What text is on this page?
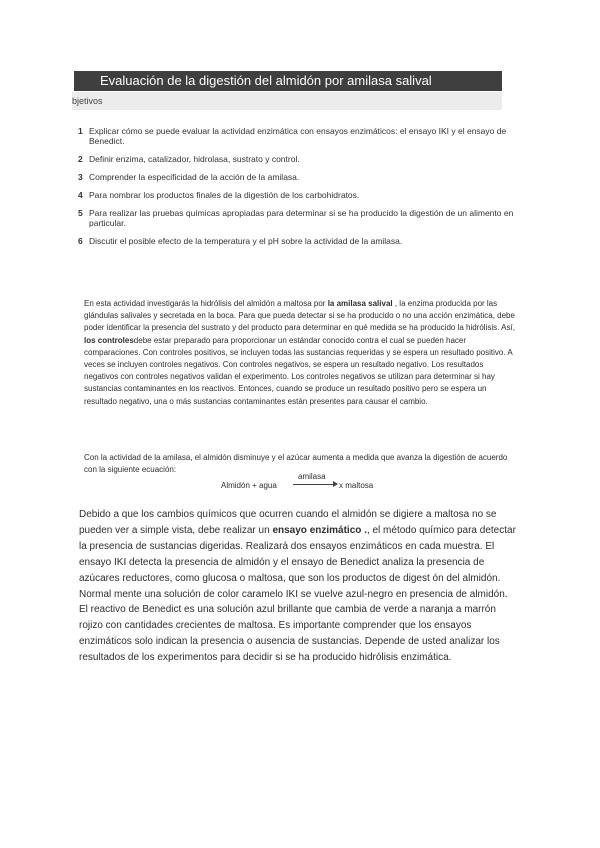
Evaluación de la digestión del almidón por amilasa salival
bjetivos
1 Explicar cómo se puede evaluar la actividad enzimática con ensayos enzimáticos: el ensayo IKI y el ensayo de Benedict.
2 Definir enzima, catalizador, hidrolasa, sustrato y control.
3 Comprender la especificidad de la acción de la amilasa.
4 Para nombrar los productos finales de la digestión de los carbohidratos.
5 Para realizar las pruebas químicas apropiadas para determinar si se ha producido la digestión de un alimento en particular.
6 Discutir el posible efecto de la temperatura y el pH sobre la actividad de la amilasa.

En esta actividad investigarás la hidrólisis del almidón a maltosa por la amilasa salival , la enzima producida por las glándulas salivales y secretada en la boca. Para que pueda detectar si se ha producido o no una acción enzimática, debe poder identificar la presencia del sustrato y del producto para determinar en qué medida se ha producido la hidrólisis. Así, los controlesdebe estar preparado para proporcionar un estándar conocido contra el cual se pueden hacer comparaciones. Con controles positivos, se incluyen todas las sustancias requeridas y se espera un resultado positivo. A veces se incluyen controles negativos. Con controles negativos, se espera un resultado negativo. Los resultados negativos con controles negativos validan el experimento. Los controles negativos se utilizan para determinar si hay sustancias contaminantes en los reactivos. Entonces, cuando se produce un resultado positivo pero se espera un resultado negativo, una o más sustancias contaminantes están presentes para causar el cambio.

Con la actividad de la amilasa, el almidón disminuye y el azúcar aumenta a medida que avanza la digestión de acuerdo con la siguiente ecuación:

Almidón + agua
amilasa
x maltosa

Debido a que los cambios químicos que ocurren cuando el almidón se digiere a maltosa no se pueden ver a simple vista, debe realizar un ensayo enzimático ., el método químico para detectar la presencia de sustancias digeridas. Realizará dos ensayos enzimáticos en cada muestra. El ensayo IKI detecta la presencia de almidón y el ensayo de Benedict analiza la presencia de azúcares reductores, como glucosa o maltosa, que son los productos de digest ón del almidón. Normal mente una solución de color caramelo IKI se vuelve azul-negro en presencia de almidón. El reactivo de Benedict es una solución azul brillante que cambia de verde a naranja a marrón rojizo con cantidades crecientes de maltosa. Es importante comprender que los ensayos enzimáticos solo indican la presencia o ausencia de sustancias. Depende de usted analizar los resultados de los experimentos para decidir si se ha producido hidrólisis enzimática.
